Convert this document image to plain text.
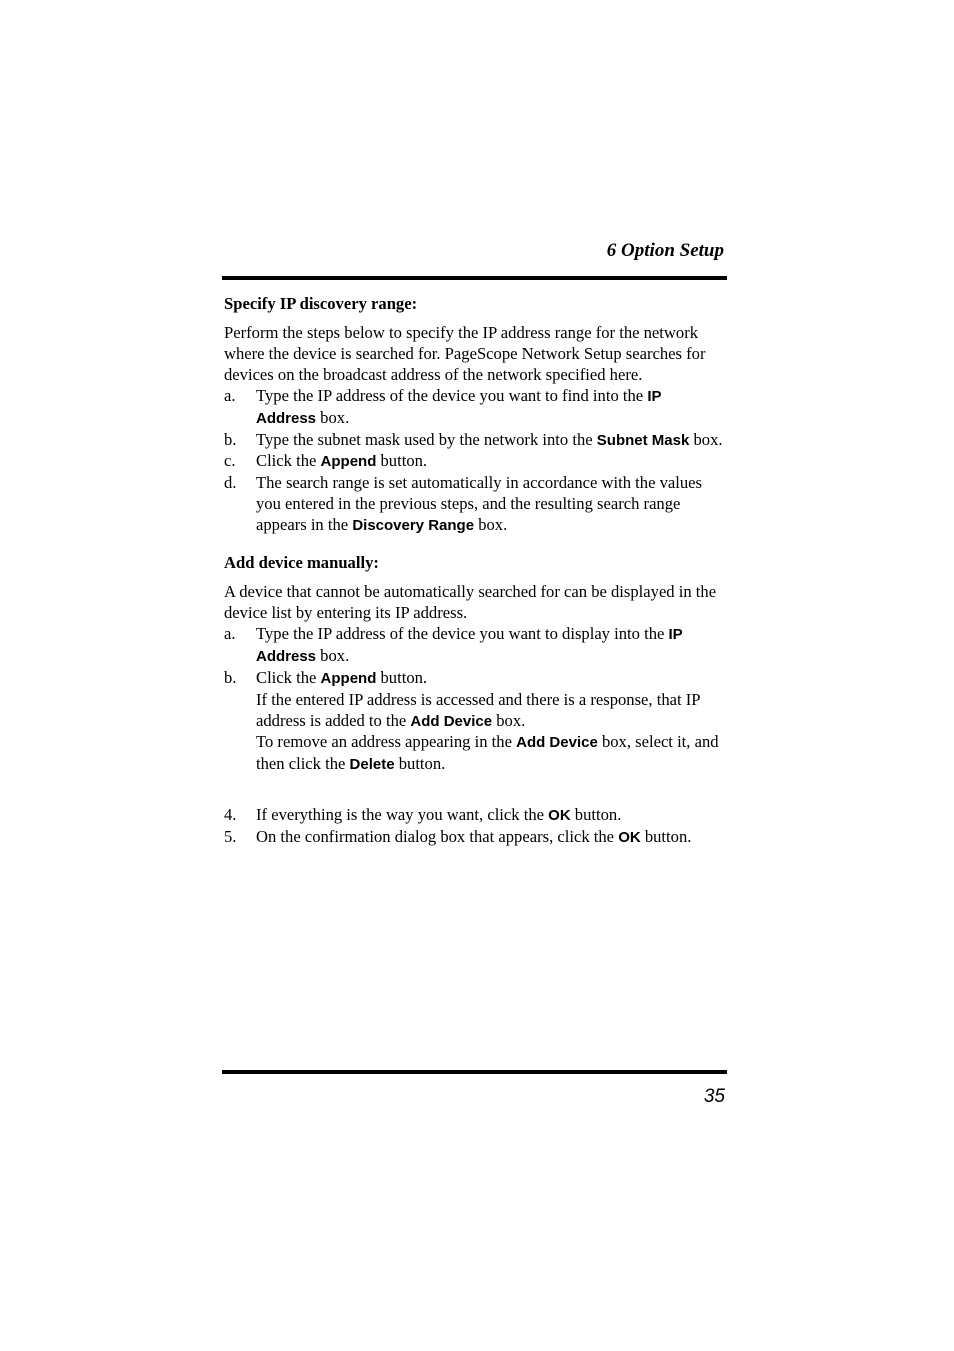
6 Option Setup
Specify IP discovery range:

Perform the steps below to specify the IP address range for the network where the device is searched for. PageScope Network Setup searches for devices on the broadcast address of the network specified here.

a. Type the IP address of the device you want to find into the IP Address box.
b. Type the subnet mask used by the network into the Subnet Mask box.
c. Click the Append button.
d. The search range is set automatically in accordance with the values you entered in the previous steps, and the resulting search range appears in the Discovery Range box.
Add device manually:

A device that cannot be automatically searched for can be displayed in the device list by entering its IP address.

a. Type the IP address of the device you want to display into the IP Address box.
b. Click the Append button.
If the entered IP address is accessed and there is a response, that IP address is added to the Add Device box.
To remove an address appearing in the Add Device box, select it, and then click the Delete button.
4. If everything is the way you want, click the OK button.
5. On the confirmation dialog box that appears, click the OK button.
35
